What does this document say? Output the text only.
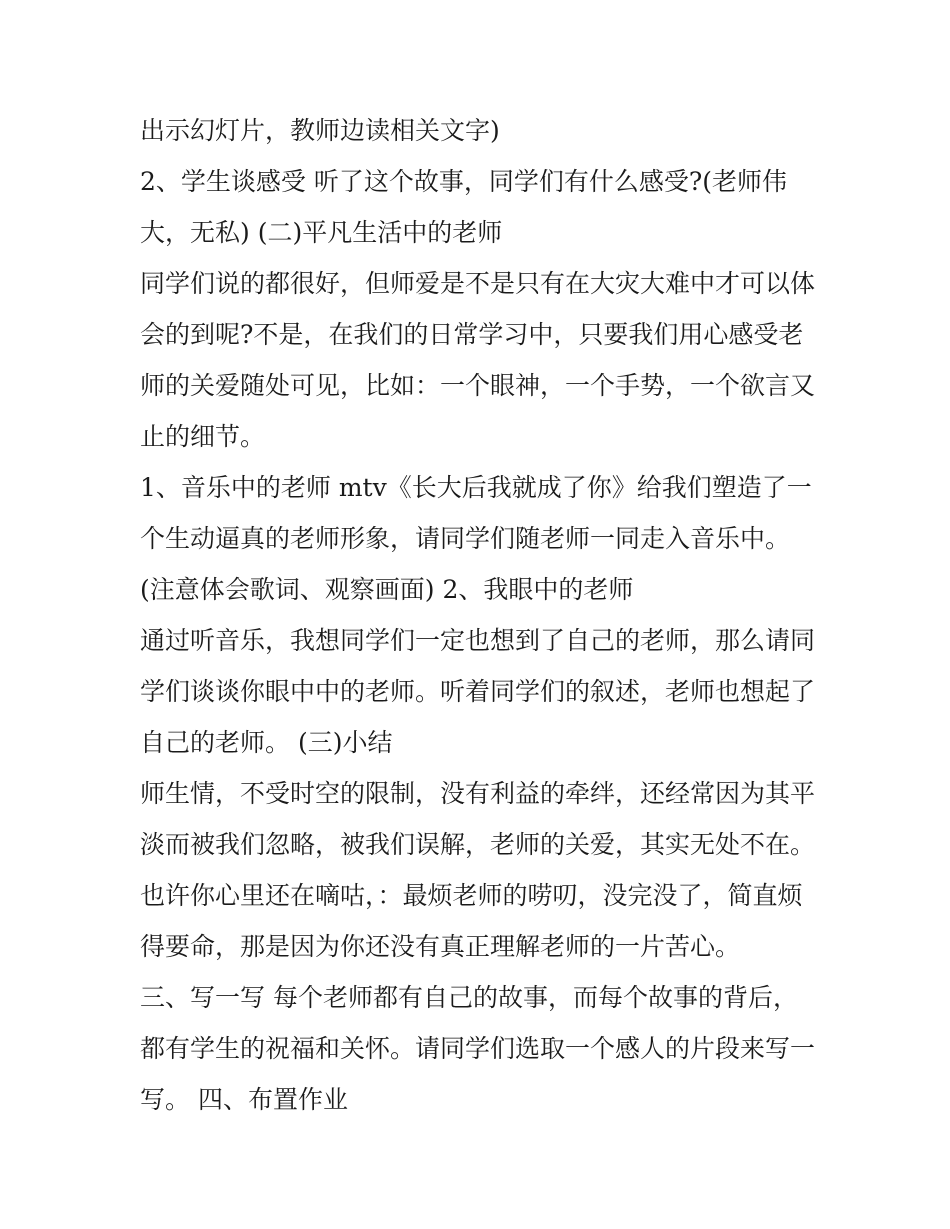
出示幻灯片，教师边读相关文字)
2、学生谈感受 听了这个故事，同学们有什么感受?(老师伟
大，无私) (二)平凡生活中的老师
同学们说的都很好，但师爱是不是只有在大灾大难中才可以体
会的到呢?不是，在我们的日常学习中，只要我们用心感受老
师的关爱随处可见，比如：一个眼神，一个手势，一个欲言又
止的细节。
1、音乐中的老师 mtv《长大后我就成了你》给我们塑造了一
个生动逼真的老师形象，请同学们随老师一同走入音乐中。
(注意体会歌词、观察画面) 2、我眼中的老师
通过听音乐，我想同学们一定也想到了自己的老师，那么请同
学们谈谈你眼中中的老师。听着同学们的叙述，老师也想起了
自己的老师。 (三)小结
师生情，不受时空的限制，没有利益的牵绊，还经常因为其平
淡而被我们忽略，被我们误解，老师的关爱，其实无处不在。
也许你心里还在嘀咕，：最烦老师的唠叨，没完没了，简直烦
得要命，那是因为你还没有真正理解老师的一片苦心。
三、写一写 每个老师都有自己的故事，而每个故事的背后，
都有学生的祝福和关怀。请同学们选取一个感人的片段来写一
写。 四、布置作业
